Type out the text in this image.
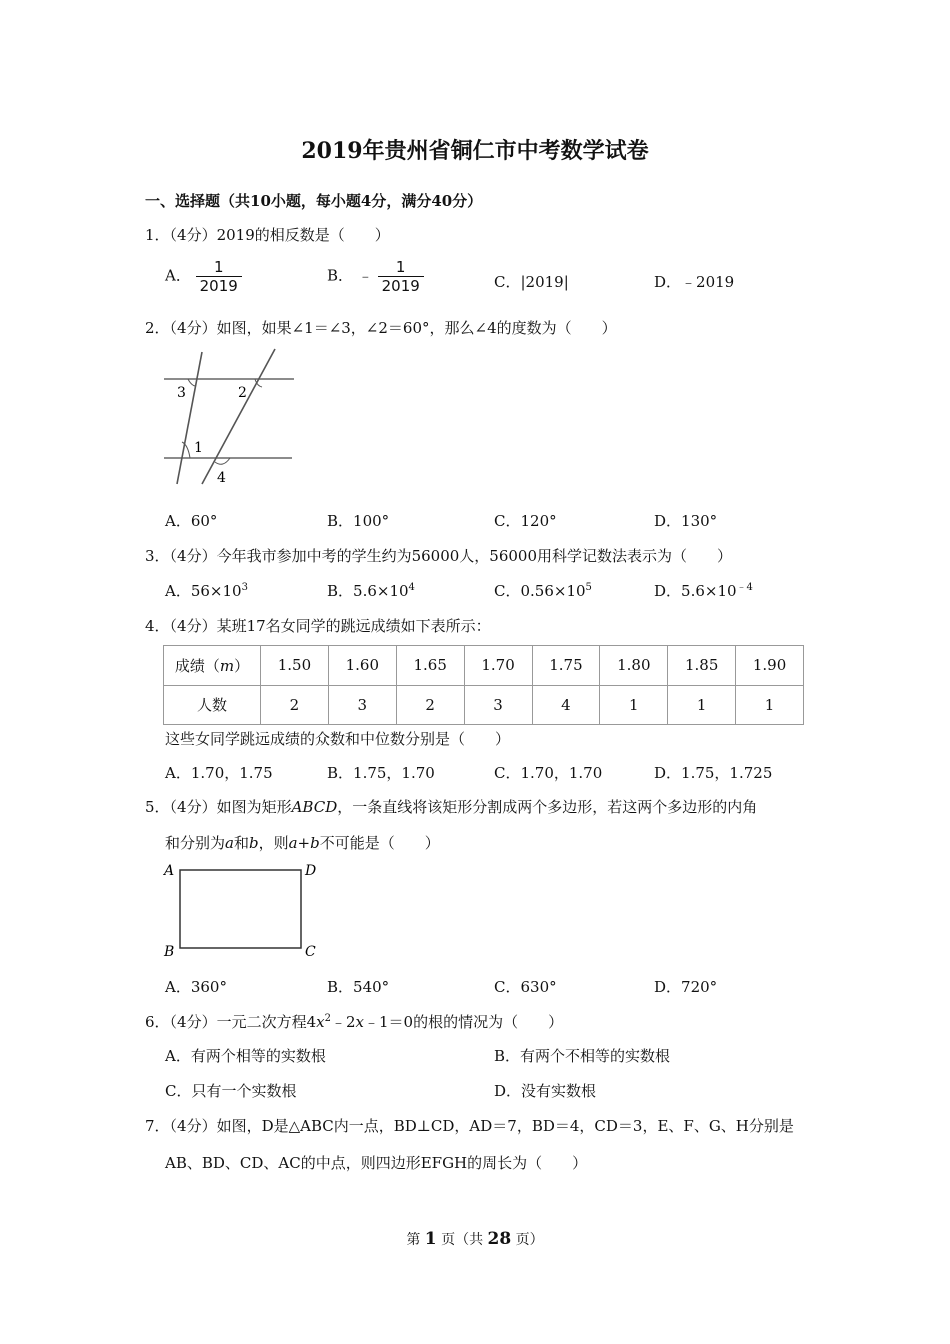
2019年贵州省铜仁市中考数学试卷
一、选择题（共10小题，每小题4分，满分40分）
1．（4分）2019的相反数是（　　）
A． $\frac{1}{2019}$	B． ﹣ $\frac{1}{2019}$	C．|2019|	D．﹣2019
2．（4分）如图，如果∠1＝∠3，∠2＝60°，那么∠4的度数为（　　）
3	2
1
4
A．60°	B．100°	C．120°	D．130°
3．（4分）今年我市参加中考的学生约为56000人，56000用科学记数法表示为（　　）
A．$56\times 10^3$	B．$5.6\times 10^4$	C．$0.56\times 10^5$	D．$5.6\times 10^{﹣4}$
4．（4分）某班17名女同学的跳远成绩如下表所示：
成绩（m）	1.50	1.60	1.65	1.70	1.75	1.80	1.85	1.90
人数	2	3	2	3	4	1	1	1
这些女同学跳远成绩的众数和中位数分别是（　　）
A．1.70，1.75	B．1.75，1.70	C．1.70，1.70	D．1.75，1.725
5．（4分）如图为矩形ABCD，一条直线将该矩形分割成两个多边形，若这两个多边形的内角
和分别为a和b，则a+b不可能是（　　）
A	D
B	C
A．360°	B．540°	C．630°	D．720°
6．（4分）一元二次方程$4x^2﹣2x﹣1=0$的根的情况为（　　）
A．有两个相等的实数根	B．有两个不相等的实数根
C．只有一个实数根	D．没有实数根
7．（4分）如图，D是△ABC内一点，BD⊥CD，AD＝7，BD＝4，CD＝3，E、F、G、H分别是
AB、BD、CD、AC的中点，则四边形EFGH的周长为（　　）
第 1 页（共 28 页）
